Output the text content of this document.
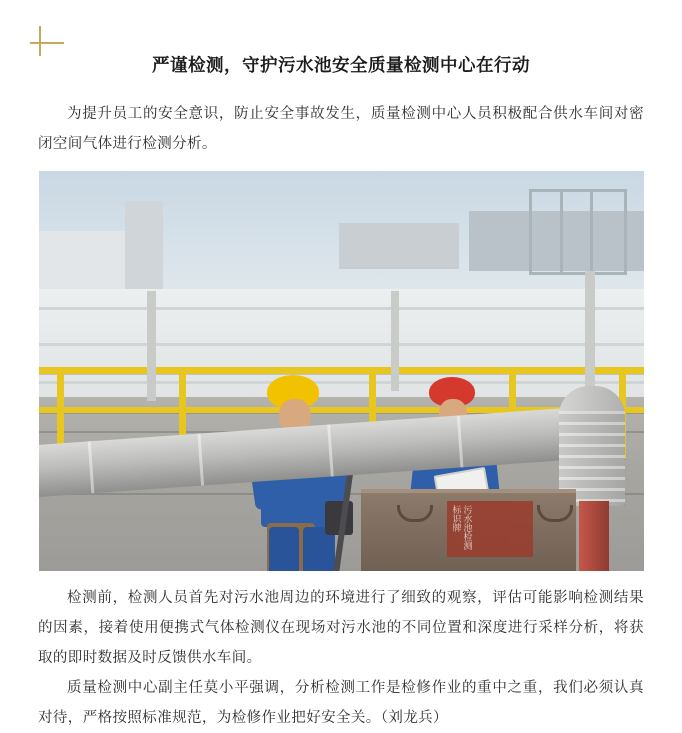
严谨检测，守护污水池安全质量检测中心在行动

为提升员工的安全意识，防止安全事故发生，质量检测中心人员积极配合供水车间对密闭空间气体进行检测分析。

污水池检测标识牌

检测前，检测人员首先对污水池周边的环境进行了细致的观察，评估可能影响检测结果的因素，接着使用便携式气体检测仪在现场对污水池的不同位置和深度进行采样分析，将获取的即时数据及时反馈供水车间。

质量检测中心副主任莫小平强调，分析检测工作是检修作业的重中之重，我们必须认真对待，严格按照标准规范，为检修作业把好安全关。（刘龙兵）
